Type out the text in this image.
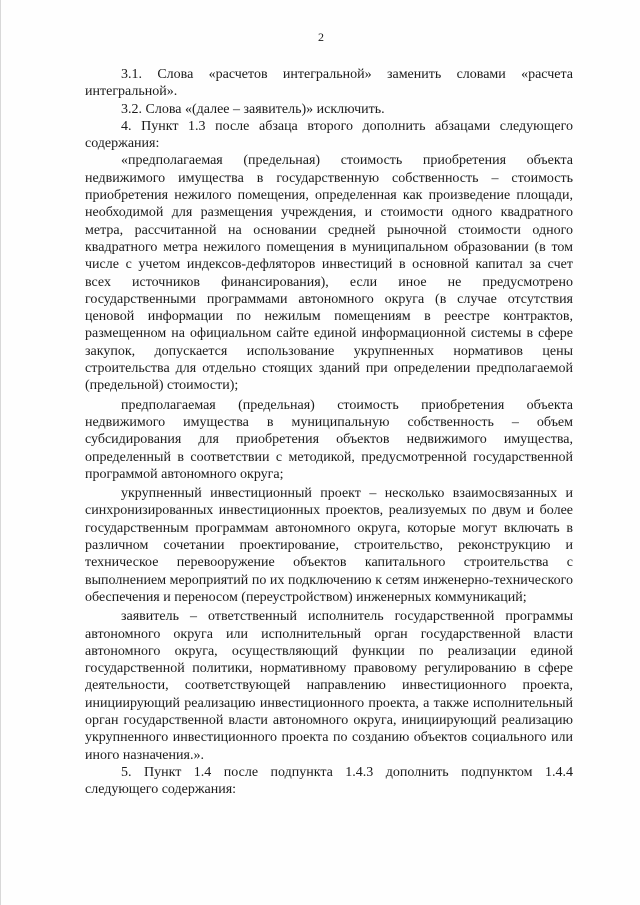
2

3.1. Слова «расчетов интегральной» заменить словами «расчета интегральной».

3.2. Слова «(далее – заявитель)» исключить.

4. Пункт 1.3 после абзаца второго дополнить абзацами следующего содержания:

«предполагаемая (предельная) стоимость приобретения объекта недвижимого имущества в государственную собственность – стоимость приобретения нежилого помещения, определенная как произведение площади, необходимой для размещения учреждения, и стоимости одного квадратного метра, рассчитанной на основании средней рыночной стоимости одного квадратного метра нежилого помещения в муниципальном образовании (в том числе с учетом индексов-дефляторов инвестиций в основной капитал за счет всех источников финансирования), если иное не предусмотрено государственными программами автономного округа (в случае отсутствия ценовой информации по нежилым помещениям в реестре контрактов, размещенном на официальном сайте единой информационной системы в сфере закупок, допускается использование укрупненных нормативов цены строительства для отдельно стоящих зданий при определении предполагаемой (предельной) стоимости);

предполагаемая (предельная) стоимость приобретения объекта недвижимого имущества в муниципальную собственность – объем субсидирования для приобретения объектов недвижимого имущества, определенный в соответствии с методикой, предусмотренной государственной программой автономного округа;

укрупненный инвестиционный проект – несколько взаимосвязанных и синхронизированных инвестиционных проектов, реализуемых по двум и более государственным программам автономного округа, которые могут включать в различном сочетании проектирование, строительство, реконструкцию и техническое перевооружение объектов капитального строительства с выполнением мероприятий по их подключению к сетям инженерно-технического обеспечения и переносом (переустройством) инженерных коммуникаций;

заявитель – ответственный исполнитель государственной программы автономного округа или исполнительный орган государственной власти автономного округа, осуществляющий функции по реализации единой государственной политики, нормативному правовому регулированию в сфере деятельности, соответствующей направлению инвестиционного проекта, инициирующий реализацию инвестиционного проекта, а также исполнительный орган государственной власти автономного округа, инициирующий реализацию укрупненного инвестиционного проекта по созданию объектов социального или иного назначения.».

5. Пункт 1.4 после подпункта 1.4.3 дополнить подпунктом 1.4.4 следующего содержания:
